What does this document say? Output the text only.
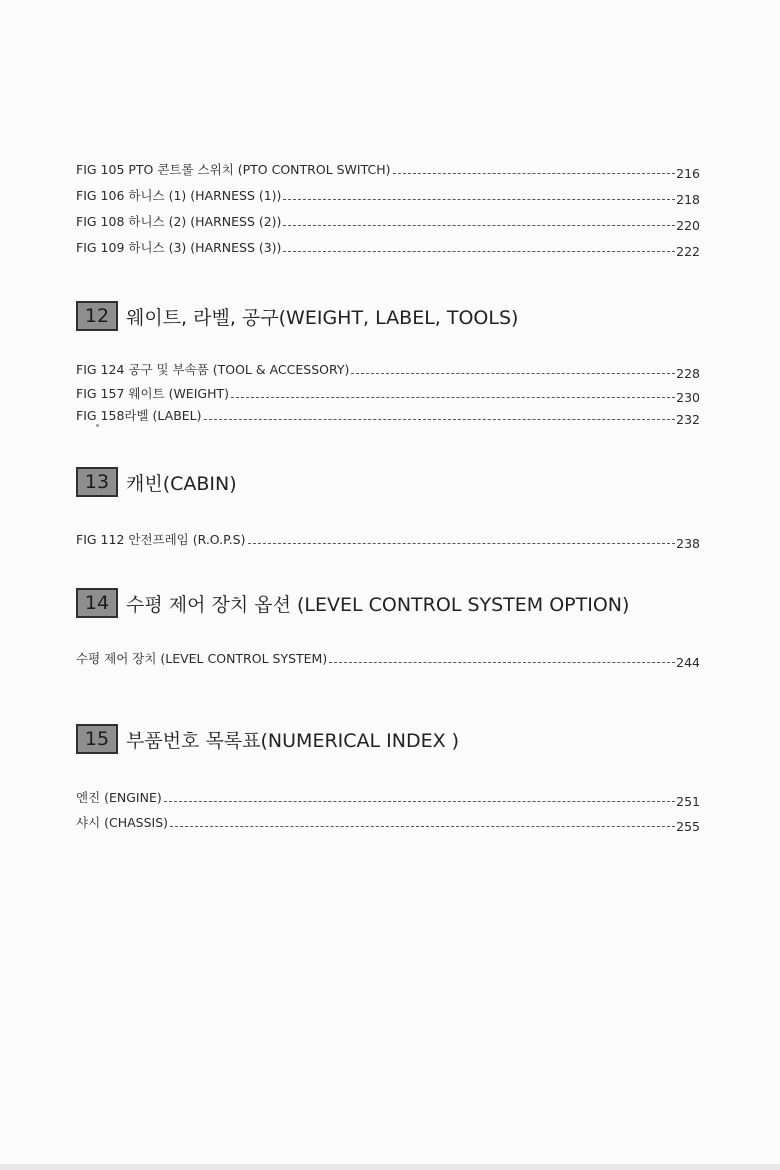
FIG 105 PTO 콘트롤 스위치 (PTO CONTROL SWITCH)	216
FIG 106 하니스 (1) (HARNESS (1))	218
FIG 108 하니스 (2) (HARNESS (2))	220
FIG 109 하니스 (3) (HARNESS (3))	222
12 웨이트, 라벨, 공구(WEIGHT, LABEL, TOOLS)
FIG 124 공구 및 부속품 (TOOL & ACCESSORY)	228
FIG 157 웨이트 (WEIGHT)	230
FIG 158라벨 (LABEL)	232
13 캐빈(CABIN)
FIG 112 안전프레임 (R.O.P.S)	238
14 수평 제어 장치 옵션 (LEVEL CONTROL SYSTEM OPTION)
수평 제어 장치 (LEVEL CONTROL SYSTEM)	244
15 부품번호 목록표(NUMERICAL INDEX )
엔진 (ENGINE)	251
샤시 (CHASSIS)	255
